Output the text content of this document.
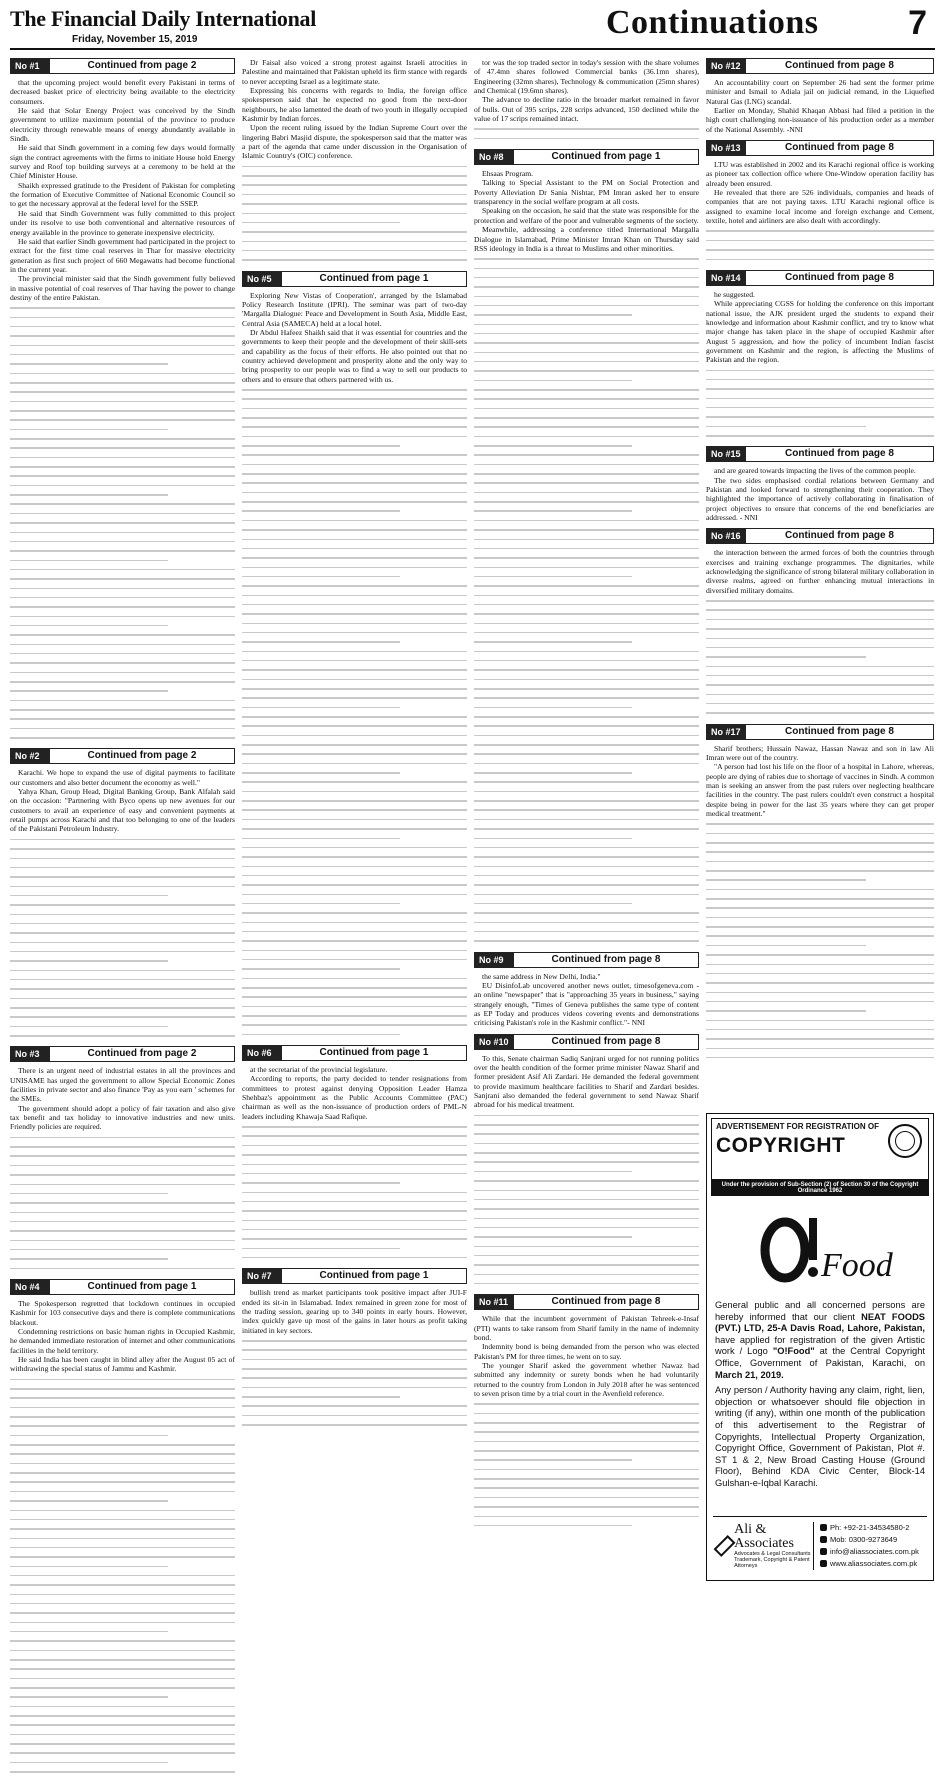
The Financial Daily International
Friday, November 15, 2019	Continuations	7
No #1	Continued from page 2

that the upcoming project would benefit every Pakistani in terms of decreased basket price of electricity being available to the electricity consumers.

He said that Solar Energy Project was conceived by the Sindh government to utilize maximum potential of the province to produce electricity through renewable means of energy abundantly available in Sindh.

He said that Sindh government in a coming few days would formally sign the contract agreements with the firms to initiate House hold Energy survey and Roof top building surveys at a ceremony to be held at the Chief Minister House.

Shaikh expressed gratitude to the President of Pakistan for completing the formation of Executive Committee of National Economic Council so to get the necessary approval at the federal level for the SSEP.

He said that Sindh Government was fully committed to this project under its resolve to use both conventional and alternative resources of energy available in the province to generate inexpensive electricity.

He said that earlier Sindh government had participated in the project to extract for the first time coal reserves in Thar for massive electricity generation as first such project of 660 Megawatts had become functional in the current year.

The provincial minister said that the Sindh government fully believed in massive potential of coal reserves of Thar having the power to change destiny of the entire Pakistan.

No #2	Continued from page 2

Karachi. We hope to expand the use of digital payments to facilitate our customers and also better document the economy as well."

Yahya Khan, Group Head, Digital Banking Group, Bank Alfalah said on the occasion: "Partnering with Byco opens up new avenues for our customers to avail an experience of easy and convenient payments at retail pumps across Karachi and that too belonging to one of the leaders of the Pakistani Petroleum Industry.

No #3	Continued from page 2

There is an urgent need of industrial estates in all the provinces and UNISAME has urged the government to allow Special Economic Zones facilities in private sector and also finance 'Pay as you earn ' schemes for the SMEs.

The government should adopt a policy of fair taxation and also give tax benefit and tax holiday to innovative industries and new units. Friendly policies are required.

No #4	Continued from page 1

The Spokesperson regretted that lockdown continues in occupied Kashmir for 103 consecutive days and there is complete communications blackout.

Condemning restrictions on basic human rights in Occupied Kashmir, he demanded immediate restoration of internet and other communications facilities in the held territory.

He said India has been caught in blind alley after the August 05 act of withdrawing the special status of Jammu and Kashmir.

Dr Faisal also voiced a strong protest against Israeli atrocities in Palestine and maintained that Pakistan upheld its firm stance with regards to never accepting Israel as a legitimate state.

Expressing his concerns with regards to India, the foreign office spokesperson said that he expected no good from the next-door neighbours, he also lamented the death of two youth in illegally occupied Kashmir by Indian forces.

Upon the recent ruling issued by the Indian Supreme Court over the lingering Babri Masjid dispute, the spokesperson said that the matter was a part of the agenda that came under discussion in the Organisation of Islamic Country's (OIC) conference.

No #5	Continued from page 1

Exploring New Vistas of Cooperation', arranged by the Islamabad Policy Research Institute (IPRI). The seminar was part of two-day 'Margalla Dialogue: Peace and Development in South Asia, Middle East, Central Asia (SAMECA) held at a local hotel.

Dr Abdul Hafeez Shaikh said that it was essential for countries and the governments to keep their people and the development of their skill-sets and capability as the focus of their efforts. He also pointed out that no country achieved development and prosperity alone and the only way to bring prosperity to our people was to find a way to sell our products to others and to ensure that others partnered with us.

No #6	Continued from page 1

at the secretariat of the provincial legislature.

According to reports, the party decided to tender resignations from committees to protest against denying Opposition Leader Hamza Shehbaz's appointment as the Public Accounts Committee (PAC) chairman as well as the non-issuance of production orders of PML-N leaders including Khawaja Saad Rafique.

No #7	Continued from page 1

bullish trend as market participants took positive impact after JUI-F ended its sit-in in Islamabad. Index remained in green zone for most of the trading session, gearing up to 340 points in early hours. However, index quickly gave up most of the gains in later hours as profit taking initiated in key sectors.

tor was the top traded sector in today's session with the share volumes of 47.4mn shares followed Commercial banks (36.1mn shares), Engineering (32mn shares), Technology & communication (25mn shares) and Chemical (19.6mn shares).

The advance to decline ratio in the broader market remained in favor of bulls. Out of 395 scrips, 228 scrips advanced, 150 declined while the value of 17 scrips remained intact.

No #8	Continued from page 1

Ehsaas Program.

Talking to Special Assistant to the PM on Social Protection and Poverty Alleviation Dr Sania Nishtar, PM Imran asked her to ensure transparency in the social welfare program at all costs.

Speaking on the occasion, he said that the state was responsible for the protection and welfare of the poor and vulnerable segments of the society.

Meanwhile, addressing a conference titled International Margalla Dialogue in Islamabad, Prime Minister Imran Khan on Thursday said RSS ideology in India is a threat to Muslims and other minorities.

No #9	Continued from page 8

the same address in New Delhi, India."

EU DisinfoLab uncovered another news outlet, timesofgeneva.com - an online "newspaper" that is "approaching 35 years in business," saying strangely enough, "Times of Geneva publishes the same type of content as EP Today and produces videos covering events and demonstrations criticising Pakistan's role in the Kashmir conflict."- NNI

No #10	Continued from page 8

To this, Senate chairman Sadiq Sanjrani urged for not running politics over the health condition of the former prime minister Nawaz Sharif and former president Asif Ali Zardari. He demanded the federal government to provide maximum healthcare facilities to Sharif and Zardari besides. Sanjrani also demanded the federal government to send Nawaz Sharif abroad for his medical treatment.

No #11	Continued from page 8

While that the incumbent government of Pakistan Tehreek-e-Insaf (PTI) wants to take ransom from Sharif family in the name of indemnity bond.

Indemnity bond is being demanded from the person who was elected Pakistan's PM for three times, he went on to say.

The younger Sharif asked the government whether Nawaz had submitted any indemnity or surety bonds when he had voluntarily returned to the country from London in July 2018 after he was sentenced to seven prison time by a trial court in the Avenfield reference.

No #12	Continued from page 8

An accountability court on September 26 had sent the former prime minister and Ismail to Adiala jail on judicial remand, in the Liquefied Natural Gas (LNG) scandal.

Earlier on Monday, Shahid Khaqan Abbasi had filed a petition in the high court challenging non-issuance of his production order as a member of the National Assembly. -NNI

No #13	Continued from page 8

LTU was established in 2002 and its Karachi regional office is working as pioneer tax collection office where One-Window operation facility has already been ensured.

He revealed that there are 526 individuals, companies and heads of companies that are not paying taxes. LTU Karachi regional office is assigned to examine local income and foreign exchange and Cement, textile, hotel and airliners are also dealt with accordingly.

No #14	Continued from page 8

he suggested.

While appreciating CGSS for holding the conference on this important national issue, the AJK president urged the students to expand their knowledge and information about Kashmir conflict, and try to know what major change has taken place in the shape of occupied Kashmir after August 5 aggression, and how the policy of incumbent Indian fascist government on Kashmir and the region, is affecting the Muslims of Pakistan and the region.

No #15	Continued from page 8

and are geared towards impacting the lives of the common people.

The two sides emphasised cordial relations between Germany and Pakistan and looked forward to strengthening their cooperation. They highlighted the importance of actively collaborating in finalisation of project objectives to ensure that concerns of the end beneficiaries are addressed. - NNI

No #16	Continued from page 8

the interaction between the armed forces of both the countries through exercises and training exchange programmes. The dignitaries, while acknowledging the significance of strong bilateral military collaboration in diverse realms, agreed on further enhancing mutual interactions in diversified military domains.

No #17	Continued from page 8

Sharif brothers; Hussain Nawaz, Hassan Nawaz and son in law Ali Imran were out of the country.

"A person had lost his life on the floor of a hospital in Lahore, whereas, people are dying of rabies due to shortage of vaccines in Sindh. A common man is seeking an answer from the past rulers over neglecting healthcare facilities in the country. The past rulers couldn't even construct a hospital despite being in power for the last 35 years where they can get proper medical treatment."

ADVERTISEMENT FOR REGISTRATION OF
COPYRIGHT
Under the provision of Sub-Section (2) of Section 30 of the Copyright Ordinance 1962
Food
General public and all concerned persons are hereby informed that our client NEAT FOODS (PVT.) LTD, 25-A Davis Road, Lahore, Pakistan, have applied for registration of the given Artistic work / Logo "O!Food" at the Central Copyright Office, Government of Pakistan, Karachi, on March 21, 2019.
Any person / Authority having any claim, right, lien, objection or whatsoever should file objection in writing (if any), within one month of the publication of this advertisement to the Registrar of Copyrights, Intellectual Property Organization, Copyright Office, Government of Pakistan, Plot #. ST 1 & 2, New Broad Casting House (Ground Floor), Behind KDA Civic Center, Block-14 Gulshan-e-Iqbal Karachi.
Ali &
Associates
Advocates & Legal Consultants Trademark, Copyright & Patent Attorneys
Ph: +92-21-34534580-2
Mob: 0300-9273649
info@aliassociates.com.pk
www.aliassociates.com.pk
